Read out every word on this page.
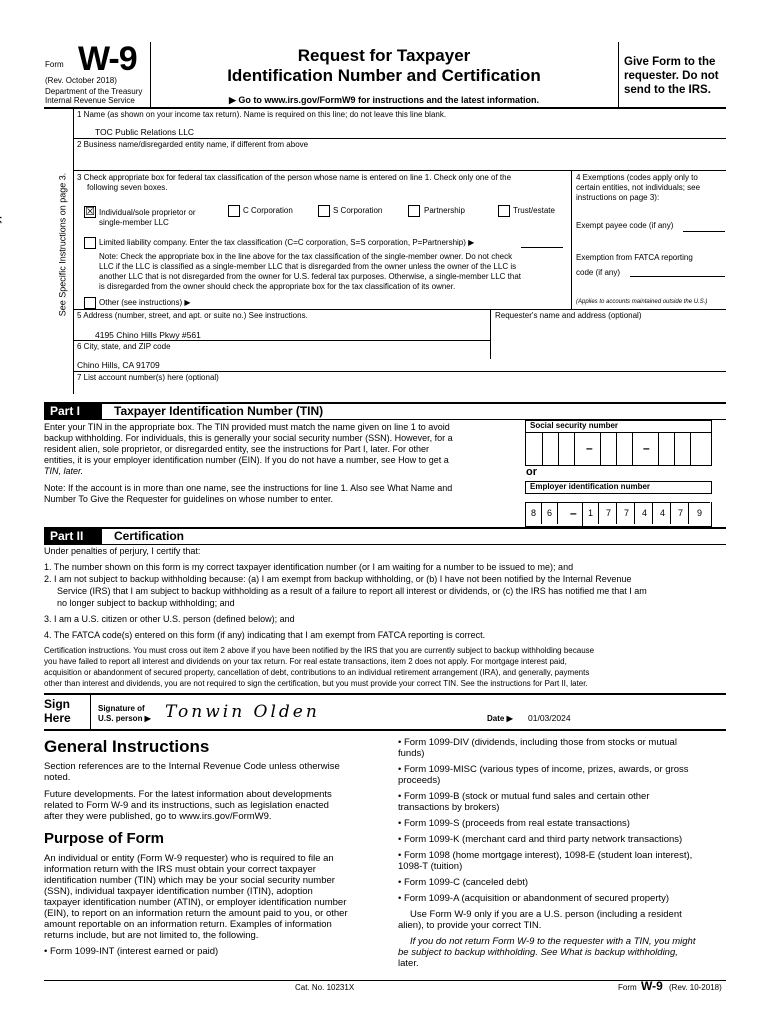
Form W-9
(Rev. October 2018)
Department of the Treasury
Internal Revenue Service
Request for Taxpayer
Identification Number and Certification
▶ Go to www.irs.gov/FormW9 for instructions and the latest information.
Give Form to the
requester. Do not
send to the IRS.
See Specific Instructions on page 3.
1 Name (as shown on your income tax return). Name is required on this line; do not leave this line blank.
TOC Public Relations LLC
2 Business name/disregarded entity name, if different from above
3 Check appropriate box for federal tax classification of the person whose name is entered on line 1. Check only one of the
following seven boxes.
☒ Individual/sole proprietor or
single-member LLC
C Corporation	S Corporation	Partnership	Trust/estate
Limited liability company. Enter the tax classification (C=C corporation, S=S corporation, P=Partnership) ▶
Note: Check the appropriate box in the line above for the tax classification of the single-member owner. Do not check
LLC if the LLC is classified as a single-member LLC that is disregarded from the owner unless the owner of the LLC is
another LLC that is not disregarded from the owner for U.S. federal tax purposes. Otherwise, a single-member LLC that
is disregarded from the owner should check the appropriate box for the tax classification of its owner.
Other (see instructions) ▶
4 Exemptions (codes apply only to
certain entities, not individuals; see
instructions on page 3):
Exempt payee code (if any)
Exemption from FATCA reporting
code (if any)
(Applies to accounts maintained outside the U.S.)
5 Address (number, street, and apt. or suite no.) See instructions.
4195 Chino Hills Pkwy #561
Requester's name and address (optional)
6 City, state, and ZIP code
Chino Hills, CA 91709
7 List account number(s) here (optional)
Part I	Taxpayer Identification Number (TIN)
Enter your TIN in the appropriate box. The TIN provided must match the name given on line 1 to avoid
backup withholding. For individuals, this is generally your social security number (SSN). However, for a
resident alien, sole proprietor, or disregarded entity, see the instructions for Part I, later. For other
entities, it is your employer identification number (EIN). If you do not have a number, see How to get a
TIN, later.
Note: If the account is in more than one name, see the instructions for line 1. Also see What Name and
Number To Give the Requester for guidelines on whose number to enter.
Social security number
–	–
or
Employer identification number
8	6	–	1	7	7	4	4	7	9
Part II	Certification
Under penalties of perjury, I certify that:
1. The number shown on this form is my correct taxpayer identification number (or I am waiting for a number to be issued to me); and
2. I am not subject to backup withholding because: (a) I am exempt from backup withholding, or (b) I have not been notified by the Internal Revenue
Service (IRS) that I am subject to backup withholding as a result of a failure to report all interest or dividends, or (c) the IRS has notified me that I am
no longer subject to backup withholding; and
3. I am a U.S. citizen or other U.S. person (defined below); and
4. The FATCA code(s) entered on this form (if any) indicating that I am exempt from FATCA reporting is correct.
Certification instructions. You must cross out item 2 above if you have been notified by the IRS that you are currently subject to backup withholding because
you have failed to report all interest and dividends on your tax return. For real estate transactions, item 2 does not apply. For mortgage interest paid,
acquisition or abandonment of secured property, cancellation of debt, contributions to an individual retirement arrangement (IRA), and generally, payments
other than interest and dividends, you are not required to sign the certification, but you must provide your correct TIN. See the instructions for Part II, later.
Sign
Here
Signature of
U.S. person ▶ Tonwin Olden	Date ▶ 01/03/2024
General Instructions
Section references are to the Internal Revenue Code unless otherwise
noted.
Future developments. For the latest information about developments
related to Form W-9 and its instructions, such as legislation enacted
after they were published, go to www.irs.gov/FormW9.
Purpose of Form
An individual or entity (Form W-9 requester) who is required to file an
information return with the IRS must obtain your correct taxpayer
identification number (TIN) which may be your social security number
(SSN), individual taxpayer identification number (ITIN), adoption
taxpayer identification number (ATIN), or employer identification number
(EIN), to report on an information return the amount paid to you, or other
amount reportable on an information return. Examples of information
returns include, but are not limited to, the following.
• Form 1099-INT (interest earned or paid)
• Form 1099-DIV (dividends, including those from stocks or mutual
funds)
• Form 1099-MISC (various types of income, prizes, awards, or gross
proceeds)
• Form 1099-B (stock or mutual fund sales and certain other
transactions by brokers)
• Form 1099-S (proceeds from real estate transactions)
• Form 1099-K (merchant card and third party network transactions)
• Form 1098 (home mortgage interest), 1098-E (student loan interest),
1098-T (tuition)
• Form 1099-C (canceled debt)
• Form 1099-A (acquisition or abandonment of secured property)
Use Form W-9 only if you are a U.S. person (including a resident
alien), to provide your correct TIN.
If you do not return Form W-9 to the requester with a TIN, you might
be subject to backup withholding. See What is backup withholding,
later.
Cat. No. 10231X	Form W-9 (Rev. 10-2018)
